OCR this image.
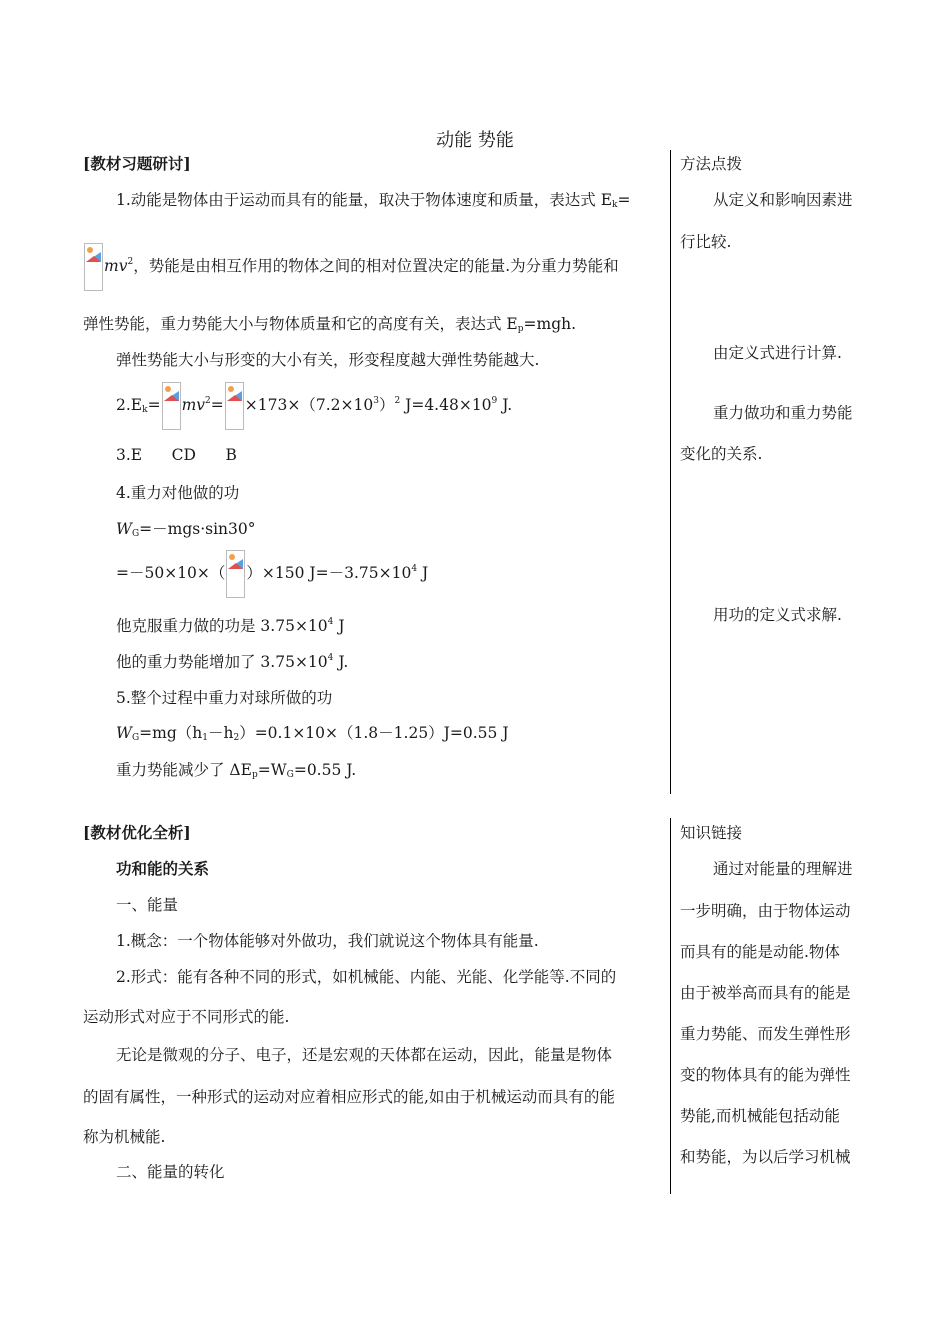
动能 势能
[教材习题研讨]
1.动能是物体由于运动而具有的能量，取决于物体速度和质量，表达式 $E_k=$
$mv^2$，势能是由相互作用的物体之间的相对位置决定的能量.为分重力势能和
弹性势能，重力势能大小与物体质量和它的高度有关，表达式 $E_p=mgh$.
弹性势能大小与形变的大小有关，形变程度越大弹性势能越大.
$2.E_k= mv^2= \times 173\times(7.2\times 10^3)^2$ $J=4.48\times 10^9$ J.
3.E      CD      B
4.重力对他做的功
$W_G=-mgs\cdot\sin 30^\circ$
=－50×10×（ ）×150 $J=-3.75\times 10^4$ J
他克服重力做的功是 $3.75\times 10^4$ J
他的重力势能增加了 $3.75\times 10^4$ J.
5.整个过程中重力对球所做的功
$W_G=mg(h_1-h_2)=0.1\times 10\times(1.8-1.25)J=0.55$ J
重力势能减少了 $\Delta E_p=W_G=0.55$ J.
方法点拨
从定义和影响因素进
行比较.
由定义式进行计算.
重力做功和重力势能
变化的关系.
用功的定义式求解.
[教材优化全析]
功和能的关系
一、能量
1.概念：一个物体能够对外做功，我们就说这个物体具有能量.
2.形式：能有各种不同的形式，如机械能、内能、光能、化学能等.不同的
运动形式对应于不同形式的能.
无论是微观的分子、电子，还是宏观的天体都在运动，因此，能量是物体
的固有属性，一种形式的运动对应着相应形式的能,如由于机械运动而具有的能
称为机械能.
二、能量的转化
知识链接
通过对能量的理解进
一步明确，由于物体运动
而具有的能是动能.物体
由于被举高而具有的能是
重力势能、而发生弹性形
变的物体具有的能为弹性
势能,而机械能包括动能
和势能，为以后学习机械
